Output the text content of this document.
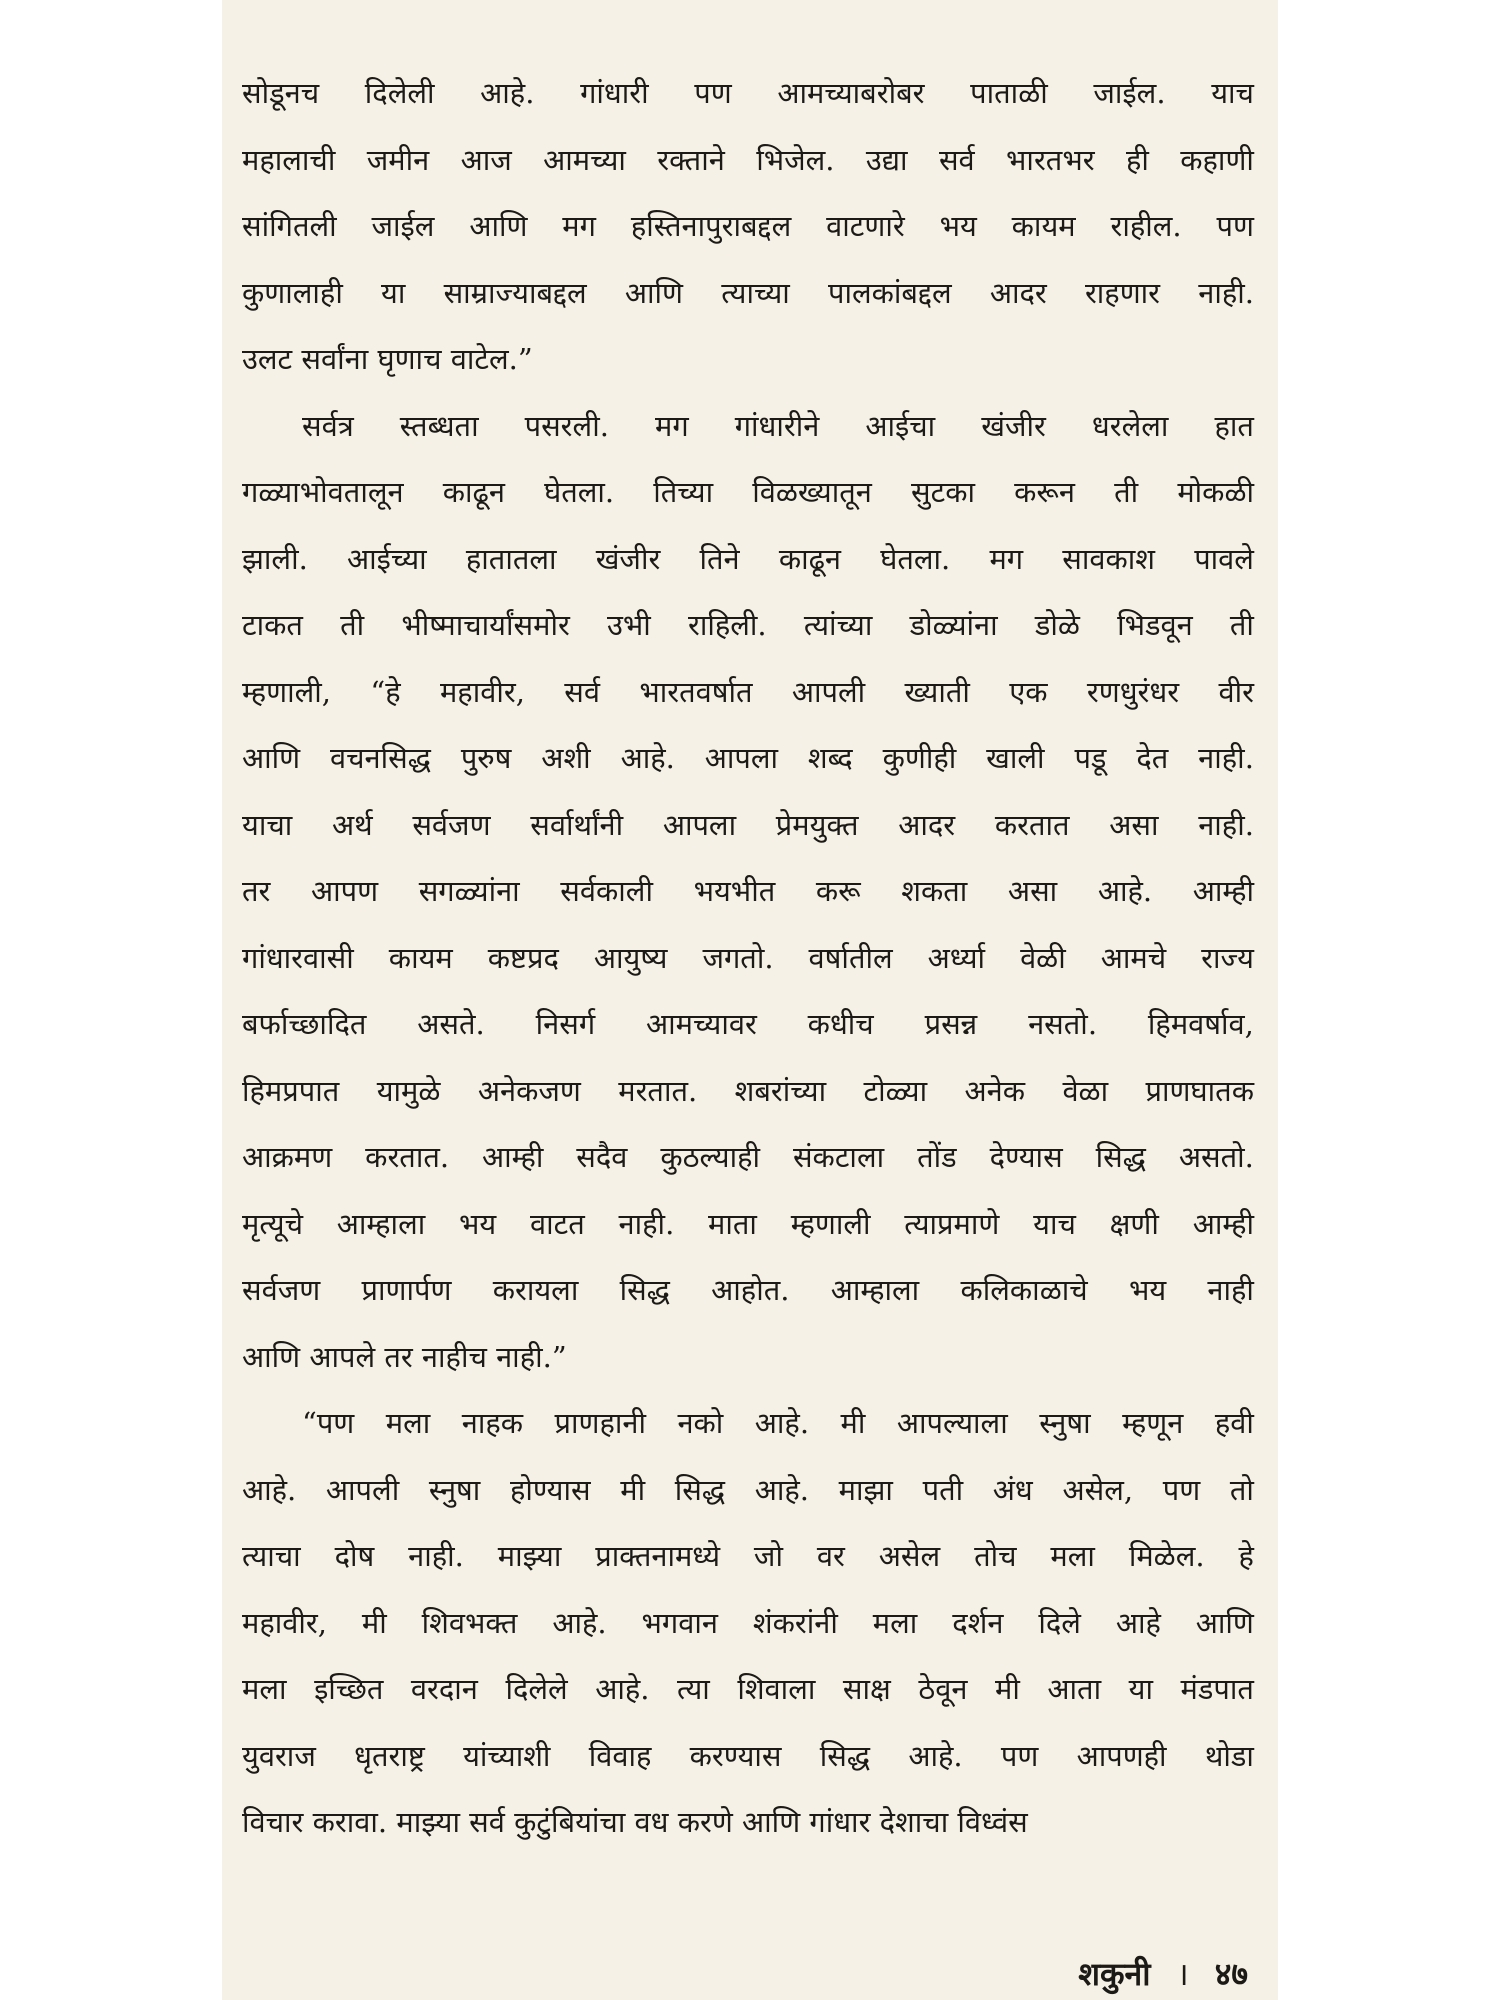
सोडूनच दिलेली आहे. गांधारी पण आमच्याबरोबर पाताळी जाईल. याच
महालाची जमीन आज आमच्या रक्ताने भिजेल. उद्या सर्व भारतभर ही कहाणी
सांगितली जाईल आणि मग हस्तिनापुराबद्दल वाटणारे भय कायम राहील. पण
कुणालाही या साम्राज्याबद्दल आणि त्याच्या पालकांबद्दल आदर राहणार नाही.
उलट सर्वांना घृणाच वाटेल.”
सर्वत्र स्तब्धता पसरली. मग गांधारीने आईचा खंजीर धरलेला हात
गळ्याभोवतालून काढून घेतला. तिच्या विळख्यातून सुटका करून ती मोकळी
झाली. आईच्या हातातला खंजीर तिने काढून घेतला. मग सावकाश पावले
टाकत ती भीष्माचार्यांसमोर उभी राहिली. त्यांच्या डोळ्यांना डोळे भिडवून ती
म्हणाली, “हे महावीर, सर्व भारतवर्षात आपली ख्याती एक रणधुरंधर वीर
आणि वचनसिद्ध पुरुष अशी आहे. आपला शब्द कुणीही खाली पडू देत नाही.
याचा अर्थ सर्वजण सर्वार्थांनी आपला प्रेमयुक्त आदर करतात असा नाही.
तर आपण सगळ्यांना सर्वकाली भयभीत करू शकता असा आहे. आम्ही
गांधारवासी कायम कष्टप्रद आयुष्य जगतो. वर्षातील अर्ध्या वेळी आमचे राज्य
बर्फाच्छादित असते. निसर्ग आमच्यावर कधीच प्रसन्न नसतो. हिमवर्षाव,
हिमप्रपात यामुळे अनेकजण मरतात. शबरांच्या टोळ्या अनेक वेळा प्राणघातक
आक्रमण करतात. आम्ही सदैव कुठल्याही संकटाला तोंड देण्यास सिद्ध असतो.
मृत्यूचे आम्हाला भय वाटत नाही. माता म्हणाली त्याप्रमाणे याच क्षणी आम्ही
सर्वजण प्राणार्पण करायला सिद्ध आहोत. आम्हाला कलिकाळाचे भय नाही
आणि आपले तर नाहीच नाही.”
“पण मला नाहक प्राणहानी नको आहे. मी आपल्याला स्नुषा म्हणून हवी
आहे. आपली स्नुषा होण्यास मी सिद्ध आहे. माझा पती अंध असेल, पण तो
त्याचा दोष नाही. माझ्या प्राक्तनामध्ये जो वर असेल तोच मला मिळेल. हे
महावीर, मी शिवभक्त आहे. भगवान शंकरांनी मला दर्शन दिले आहे आणि
मला इच्छित वरदान दिलेले आहे. त्या शिवाला साक्ष ठेवून मी आता या मंडपात
युवराज धृतराष्ट्र यांच्याशी विवाह करण्यास सिद्ध आहे. पण आपणही थोडा
विचार करावा. माझ्या सर्व कुटुंबियांचा वध करणे आणि गांधार देशाचा विध्वंस
शकुनी । ४७
